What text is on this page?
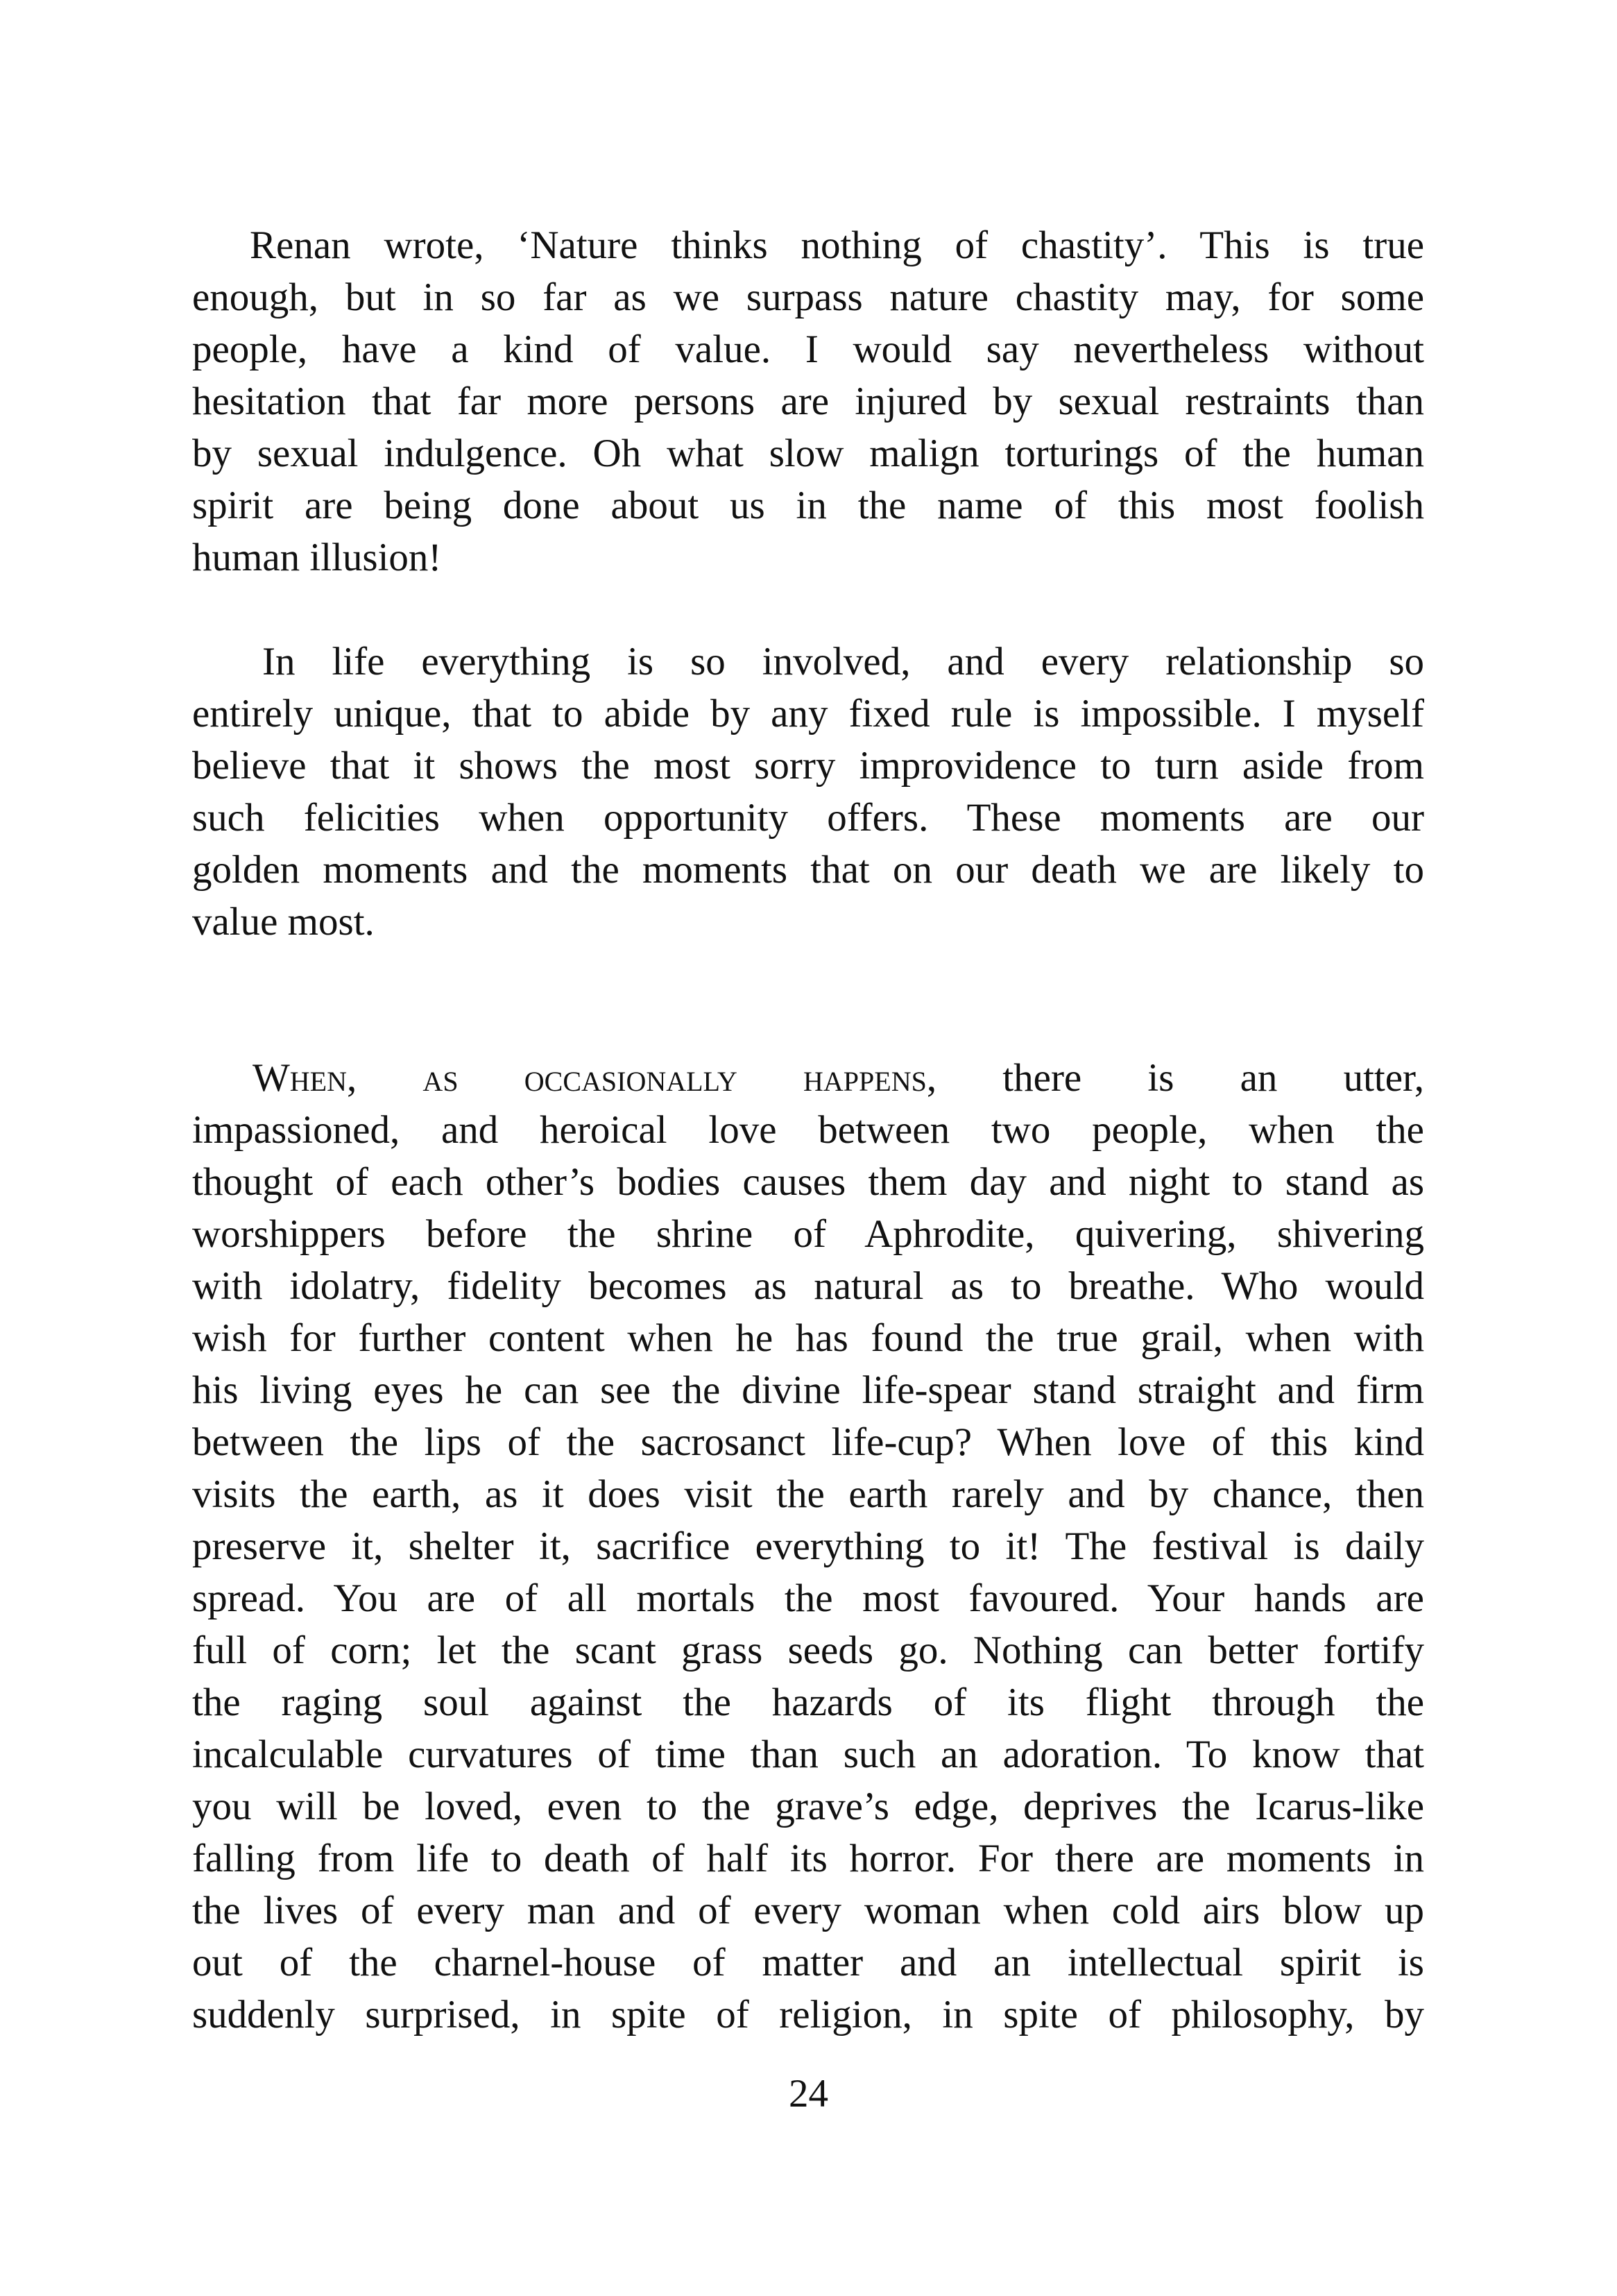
Renan wrote, ‘Nature thinks nothing of chastity’. This is true
enough, but in so far as we surpass nature chastity may, for some
people, have a kind of value. I would say nevertheless without
hesitation that far more persons are injured by sexual restraints than
by sexual indulgence. Oh what slow malign torturings of the human
spirit are being done about us in the name of this most foolish
human illusion!
In life everything is so involved, and every relationship so
entirely unique, that to abide by any fixed rule is impossible. I myself
believe that it shows the most sorry improvidence to turn aside from
such felicities when opportunity offers. These moments are our
golden moments and the moments that on our death we are likely to
value most.
When, as occasionally happens, there is an utter,
impassioned, and heroical love between two people, when the
thought of each other’s bodies causes them day and night to stand as
worshippers before the shrine of Aphrodite, quivering, shivering
with idolatry, fidelity becomes as natural as to breathe. Who would
wish for further content when he has found the true grail, when with
his living eyes he can see the divine life-spear stand straight and firm
between the lips of the sacrosanct life-cup? When love of this kind
visits the earth, as it does visit the earth rarely and by chance, then
preserve it, shelter it, sacrifice everything to it! The festival is daily
spread. You are of all mortals the most favoured. Your hands are
full of corn; let the scant grass seeds go. Nothing can better fortify
the raging soul against the hazards of its flight through the
incalculable curvatures of time than such an adoration. To know that
you will be loved, even to the grave’s edge, deprives the Icarus-like
falling from life to death of half its horror. For there are moments in
the lives of every man and of every woman when cold airs blow up
out of the charnel-house of matter and an intellectual spirit is
suddenly surprised, in spite of religion, in spite of philosophy, by
24
